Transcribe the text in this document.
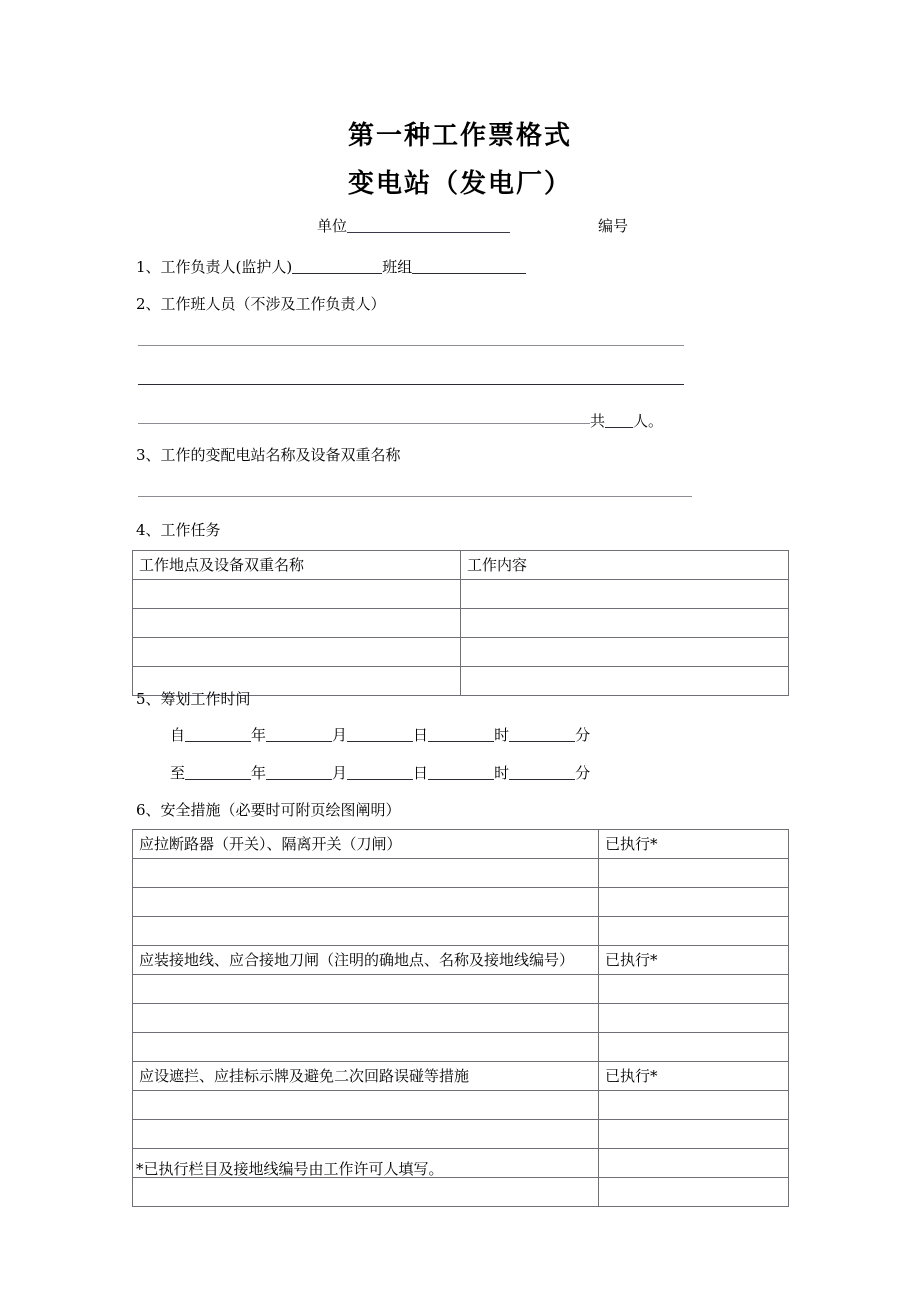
第一种工作票格式
变电站（发电厂）
单位	编号
1、工作负责人(监护人)	班组
2、工作班人员（不涉及工作负责人）
共 人。
3、工作的变配电站名称及设备双重名称
4、工作任务
工作地点及设备双重名称	工作内容

5、筹划工作时间
自	年	月	日	时	分
至	年	月	日	时	分
6、安全措施（必要时可附页绘图阐明）
应拉断路器（开关）、隔离开关（刀闸）	已执行*

应装接地线、应合接地刀闸（注明的确地点、名称及接地线编号）	已执行*

应设遮拦、应挂标示牌及避免二次回路误碰等措施	已执行*

*已执行栏目及接地线编号由工作许可人填写。
